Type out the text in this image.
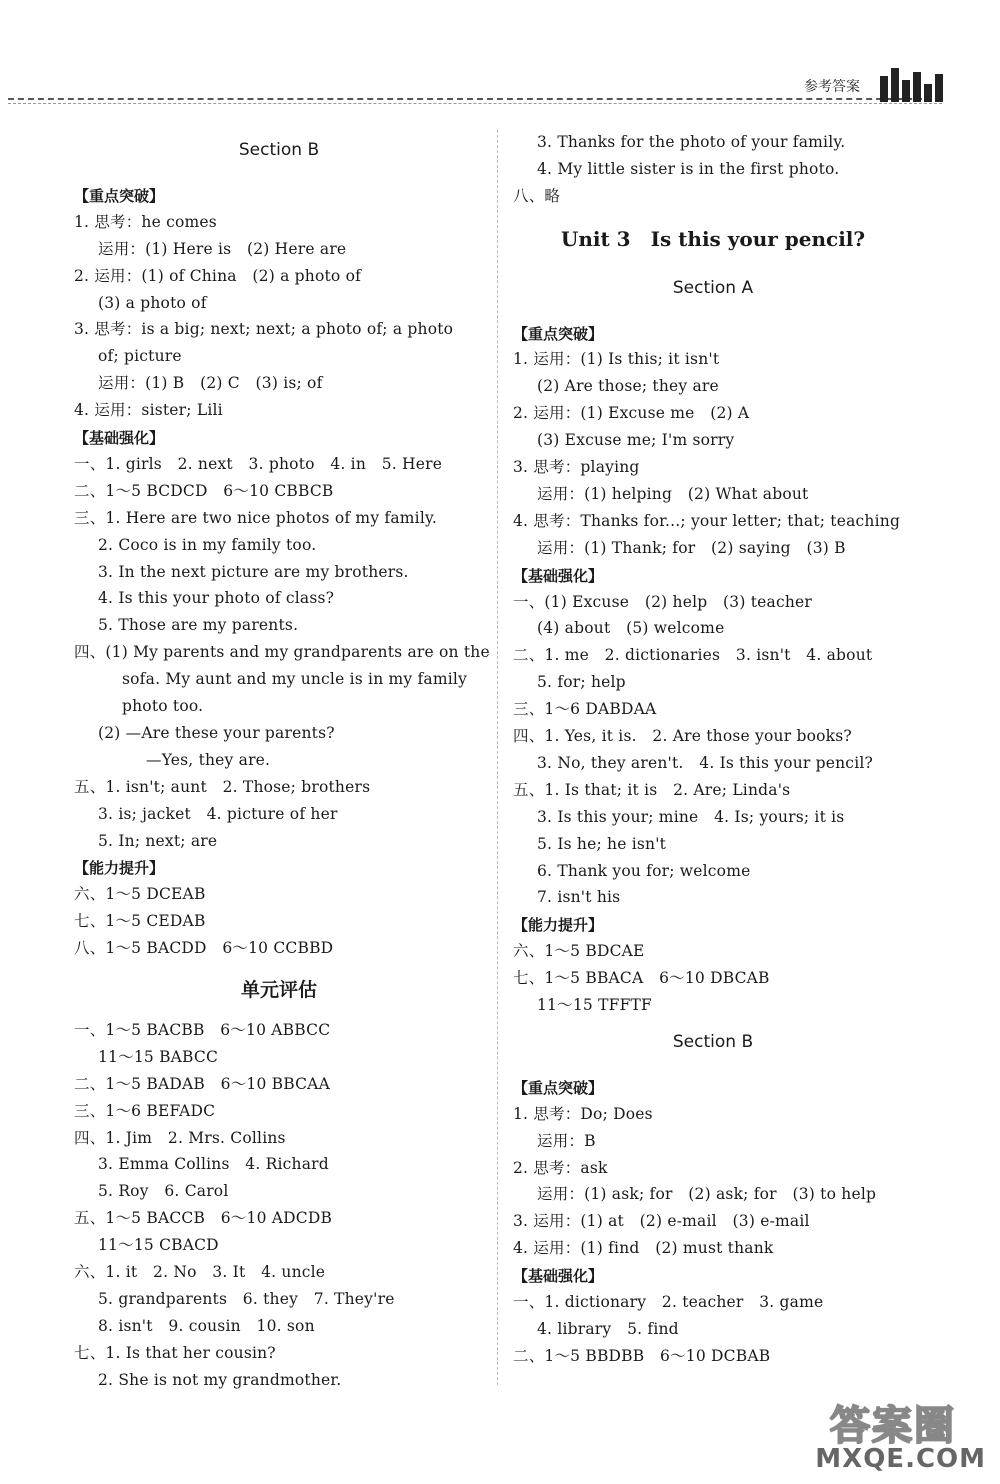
参考答案
Section B
【重点突破】
1. 思考：he comes
运用：(1) Here is　(2) Here are
2. 运用：(1) of China　(2) a photo of
(3) a photo of
3. 思考：is a big; next; next; a photo of; a photo
of; picture
运用：(1) B　(2) C　(3) is; of
4. 运用：sister; Lili
【基础强化】
一、1. girls　2. next　3. photo　4. in　5. Here
二、1～5 BCDCD　6～10 CBBCB
三、1. Here are two nice photos of my family.
2. Coco is in my family too.
3. In the next picture are my brothers.
4. Is this your photo of class?
5. Those are my parents.
四、(1) My parents and my grandparents are on the
sofa. My aunt and my uncle is in my family
photo too.
(2) —Are these your parents?
—Yes, they are.
五、1. isn't; aunt　2. Those; brothers
3. is; jacket　4. picture of her
5. In; next; are
【能力提升】
六、1～5 DCEAB
七、1～5 CEDAB
八、1～5 BACDD　6～10 CCBBD
单元评估
一、1～5 BACBB　6～10 ABBCC
11～15 BABCC
二、1～5 BADAB　6～10 BBCAA
三、1～6 BEFADC
四、1. Jim　2. Mrs. Collins
3. Emma Collins　4. Richard
5. Roy　6. Carol
五、1～5 BACCB　6～10 ADCDB
11～15 CBACD
六、1. it　2. No　3. It　4. uncle
5. grandparents　6. they　7. They're
8. isn't　9. cousin　10. son
七、1. Is that her cousin?
2. She is not my grandmother.
3. Thanks for the photo of your family.
4. My little sister is in the first photo.
八、略
Unit 3　Is this your pencil?
Section A
【重点突破】
1. 运用：(1) Is this; it isn't
(2) Are those; they are
2. 运用：(1) Excuse me　(2) A
(3) Excuse me; I'm sorry
3. 思考：playing
运用：(1) helping　(2) What about
4. 思考：Thanks for...; your letter; that; teaching
运用：(1) Thank; for　(2) saying　(3) B
【基础强化】
一、(1) Excuse　(2) help　(3) teacher
(4) about　(5) welcome
二、1. me　2. dictionaries　3. isn't　4. about
5. for; help
三、1～6 DABDAA
四、1. Yes, it is.　2. Are those your books?
3. No, they aren't.　4. Is this your pencil?
五、1. Is that; it is　2. Are; Linda's
3. Is this your; mine　4. Is; yours; it is
5. Is he; he isn't
6. Thank you for; welcome
7. isn't his
【能力提升】
六、1～5 BDCAE
七、1～5 BBACA　6～10 DBCAB
11～15 TFFTF
Section B
【重点突破】
1. 思考：Do; Does
运用：B
2. 思考：ask
运用：(1) ask; for　(2) ask; for　(3) to help
3. 运用：(1) at　(2) e-mail　(3) e-mail
4. 运用：(1) find　(2) must thank
【基础强化】
一、1. dictionary　2. teacher　3. game
4. library　5. find
二、1～5 BBDBB　6～10 DCBAB
答案圈
MXQE.COM
